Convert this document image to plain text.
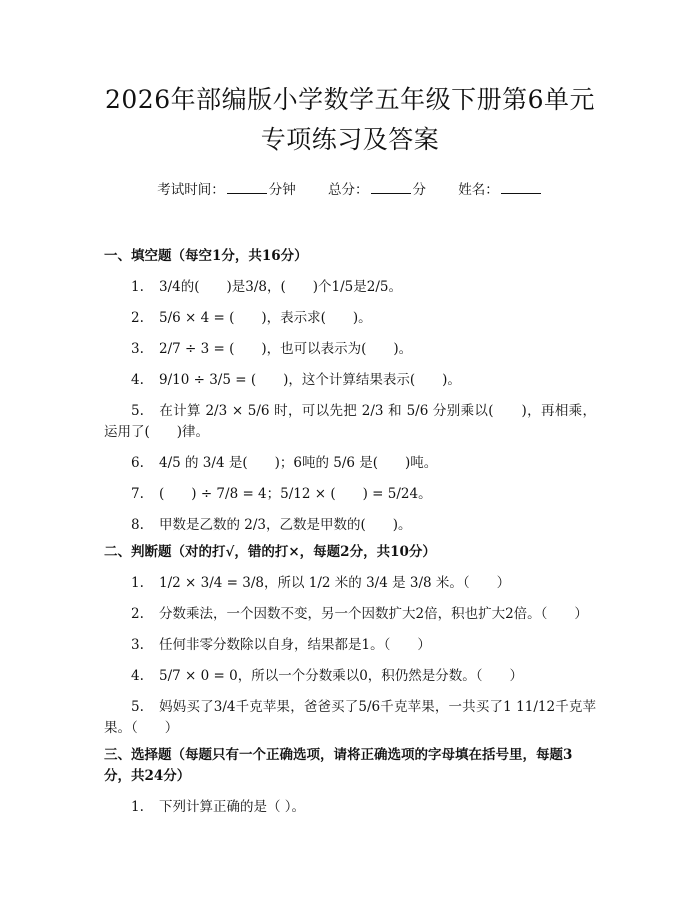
2026年部编版小学数学五年级下册第6单元
专项练习及答案
考试时间：	分钟 总分：	分 姓名：

一、填空题（每空1分，共16分）

1. 3/4的(　　)是3/8，(　　)个1/5是2/5。

2. 5/6 × 4 = (　　)，表示求(　　)。

3. 2/7 ÷ 3 = (　　)，也可以表示为(　　)。

4. 9/10 ÷ 3/5 = (　　)，这个计算结果表示(　　)。

5. 在计算 2/3 × 5/6 时，可以先把 2/3 和 5/6 分别乘以(　　)，再相乘，运用了(　　)律。

6. 4/5 的 3/4 是(　　)；6吨的 5/6 是(　　)吨。

7. (　　) ÷ 7/8 = 4；5/12 × (　　) = 5/24。

8. 甲数是乙数的 2/3，乙数是甲数的(　　)。

二、判断题（对的打√，错的打×，每题2分，共10分）

1. 1/2 × 3/4 = 3/8，所以 1/2 米的 3/4 是 3/8 米。（　　）

2. 分数乘法，一个因数不变，另一个因数扩大2倍，积也扩大2倍。（　　）

3. 任何非零分数除以自身，结果都是1。（　　）

4. 5/7 × 0 = 0，所以一个分数乘以0，积仍然是分数。（　　）

5. 妈妈买了3/4千克苹果，爸爸买了5/6千克苹果，一共买了1 11/12千克苹果。（　　）

三、选择题（每题只有一个正确选项，请将正确选项的字母填在括号里，每题3分，共24分）

1. 下列计算正确的是（ ）。
